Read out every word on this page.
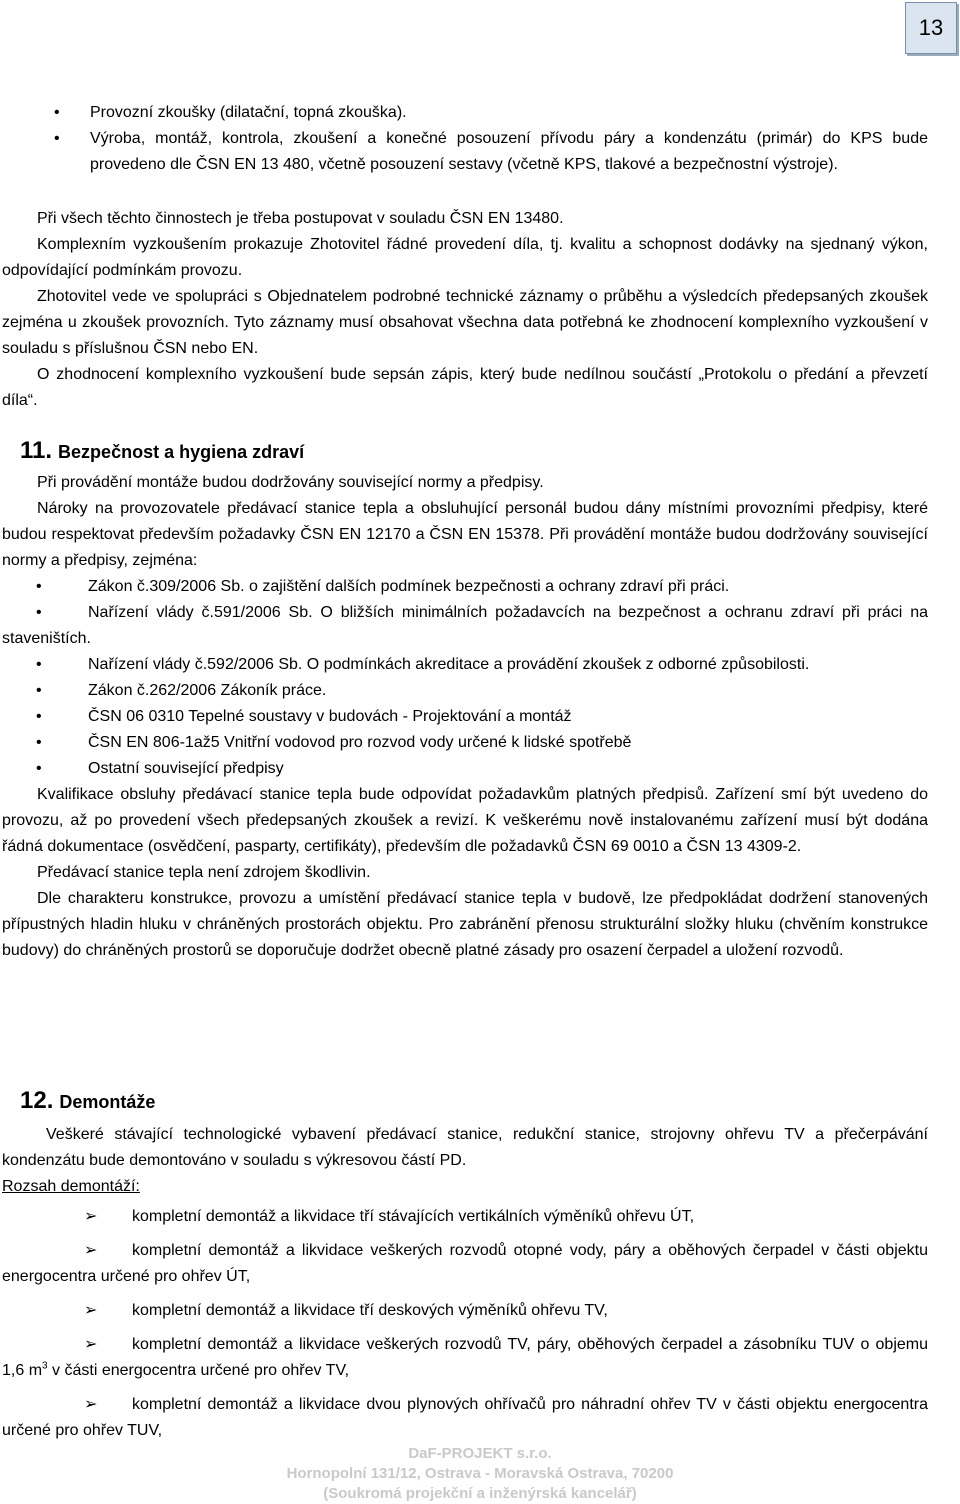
13

• Provozní zkoušky (dilatační, topná zkouška).

• Výroba, montáž, kontrola, zkoušení a konečné posouzení přívodu páry a kondenzátu (primár) do KPS bude provedeno dle ČSN EN 13 480, včetně posouzení sestavy (včetně KPS, tlakové a bezpečnostní výstroje).

Při všech těchto činnostech je třeba postupovat v souladu ČSN EN 13480.

Komplexním vyzkoušením prokazuje Zhotovitel řádné provedení díla, tj. kvalitu a schopnost dodávky na sjednaný výkon, odpovídající podmínkám provozu.

Zhotovitel vede ve spolupráci s Objednatelem podrobné technické záznamy o průběhu a výsledcích předepsaných zkoušek zejména u zkoušek provozních. Tyto záznamy musí obsahovat všechna data potřebná ke zhodnocení komplexního vyzkoušení v souladu s příslušnou ČSN nebo EN.

O zhodnocení komplexního vyzkoušení bude sepsán zápis, který bude nedílnou součástí „Protokolu o předání a převzetí díla“.

11. Bezpečnost a hygiena zdraví

Při provádění montáže budou dodržovány související normy a předpisy.

Nároky na provozovatele předávací stanice tepla a obsluhující personál budou dány místními provozními předpisy, které budou respektovat především požadavky ČSN EN 12170 a ČSN EN 15378. Při provádění montáže budou dodržovány související normy a předpisy, zejména:

• Zákon č.309/2006 Sb. o zajištění dalších podmínek bezpečnosti a ochrany zdraví při práci.

• Nařízení vlády č.591/2006 Sb. O bližších minimálních požadavcích na bezpečnost a ochranu zdraví při práci na staveništích.

• Nařízení vlády č.592/2006 Sb. O podmínkách akreditace a provádění zkoušek z odborné způsobilosti.

• Zákon č.262/2006 Zákoník práce.

• ČSN 06 0310 Tepelné soustavy v budovách - Projektování a montáž

• ČSN EN 806-1až5 Vnitřní vodovod pro rozvod vody určené k lidské spotřebě

• Ostatní související předpisy

Kvalifikace obsluhy předávací stanice tepla bude odpovídat požadavkům platných předpisů. Zařízení smí být uvedeno do provozu, až po provedení všech předepsaných zkoušek a revizí. K veškerému nově instalovanému zařízení musí být dodána řádná dokumentace (osvědčení, pasparty, certifikáty), především dle požadavků ČSN 69 0010 a ČSN 13 4309-2.

Předávací stanice tepla není zdrojem škodlivin.

Dle charakteru konstrukce, provozu a umístění předávací stanice tepla v budově, lze předpokládat dodržení stanovených přípustných hladin hluku v chráněných prostorách objektu. Pro zabránění přenosu strukturální složky hluku (chvěním konstrukce budovy) do chráněných prostorů se doporučuje dodržet obecně platné zásady pro osazení čerpadel a uložení rozvodů.

12. Demontáže

Veškeré stávající technologické vybavení předávací stanice, redukční stanice, strojovny ohřevu TV a přečerpávání kondenzátu bude demontováno v souladu s výkresovou částí PD.

Rozsah demontáží:

➢ kompletní demontáž a likvidace tří stávajících vertikálních výměníků ohřevu ÚT,

➢ kompletní demontáž a likvidace veškerých rozvodů otopné vody, páry a oběhových čerpadel v části objektu energocentra určené pro ohřev ÚT,

➢ kompletní demontáž a likvidace tří deskových výměníků ohřevu TV,

➢ kompletní demontáž a likvidace veškerých rozvodů TV, páry, oběhových čerpadel a zásobníku TUV o objemu 1,6 $m^3$ v části energocentra určené pro ohřev TV,

➢ kompletní demontáž a likvidace dvou plynových ohřívačů pro náhradní ohřev TV v části objektu energocentra určené pro ohřev TUV,

DaF-PROJEKT s.r.o.
Hornopolní 131/12, Ostrava - Moravská Ostrava, 70200
(Soukromá projekční a inženýrská kancelář)
